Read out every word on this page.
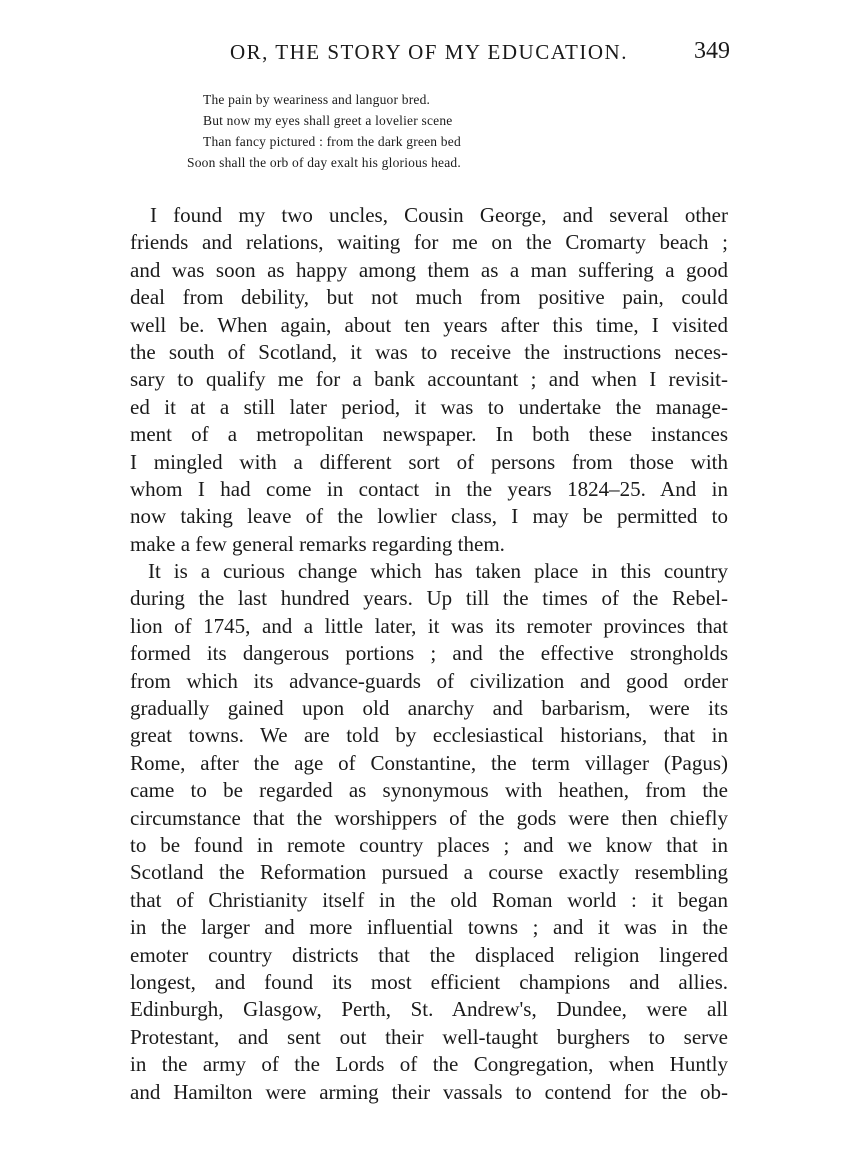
OR, THE STORY OF MY EDUCATION.	349
The pain by weariness and languor bred.
But now my eyes shall greet a lovelier scene
Than fancy pictured : from the dark green bed
Soon shall the orb of day exalt his glorious head.
I found my two uncles, Cousin George, and several other
friends and relations, waiting for me on the Cromarty beach ;
and was soon as happy among them as a man suffering a good
deal from debility, but not much from positive pain, could
well be. When again, about ten years after this time, I visited
the south of Scotland, it was to receive the instructions neces-
sary to qualify me for a bank accountant ; and when I revisit-
ed it at a still later period, it was to undertake the manage-
ment of a metropolitan newspaper. In both these instances
I mingled with a different sort of persons from those with
whom I had come in contact in the years 1824–25. And in
now taking leave of the lowlier class, I may be permitted to
make a few general remarks regarding them.
It is a curious change which has taken place in this country
during the last hundred years. Up till the times of the Rebel-
lion of 1745, and a little later, it was its remoter provinces that
formed its dangerous portions ; and the effective strongholds
from which its advance-guards of civilization and good order
gradually gained upon old anarchy and barbarism, were its
great towns. We are told by ecclesiastical historians, that in
Rome, after the age of Constantine, the term villager (Pagus)
came to be regarded as synonymous with heathen, from the
circumstance that the worshippers of the gods were then chiefly
to be found in remote country places ; and we know that in
Scotland the Reformation pursued a course exactly resembling
that of Christianity itself in the old Roman world : it began
in the larger and more influential towns ; and it was in the
emoter country districts that the displaced religion lingered
longest, and found its most efficient champions and allies.
Edinburgh, Glasgow, Perth, St. Andrew's, Dundee, were all
Protestant, and sent out their well-taught burghers to serve
in the army of the Lords of the Congregation, when Huntly
and Hamilton were arming their vassals to contend for the ob-
